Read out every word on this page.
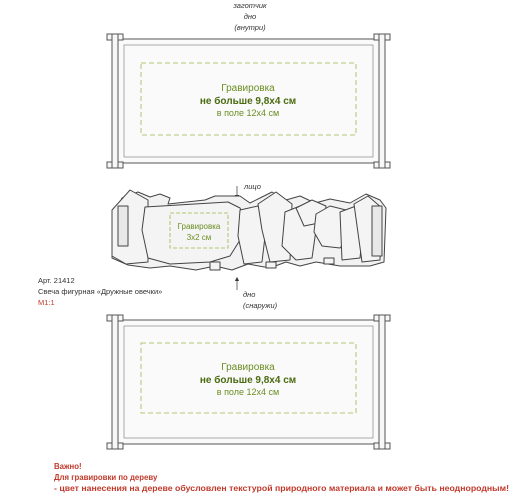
заготчик
дно
(внутри)
Гравировка
не больше 9,8х4 см
в поле 12х4 см
лицо
Гравировка
3х2 см
дно
(снаружи)
Арт. 21412
Свеча фигурная «Дружные овечки»
М1:1
Гравировка
не больше 9,8х4 см
в поле 12х4 см
Важно!
Для гравировки по дереву
- цвет нанесения на дереве обусловлен текстурой природного материала и может быть неоднородным!
